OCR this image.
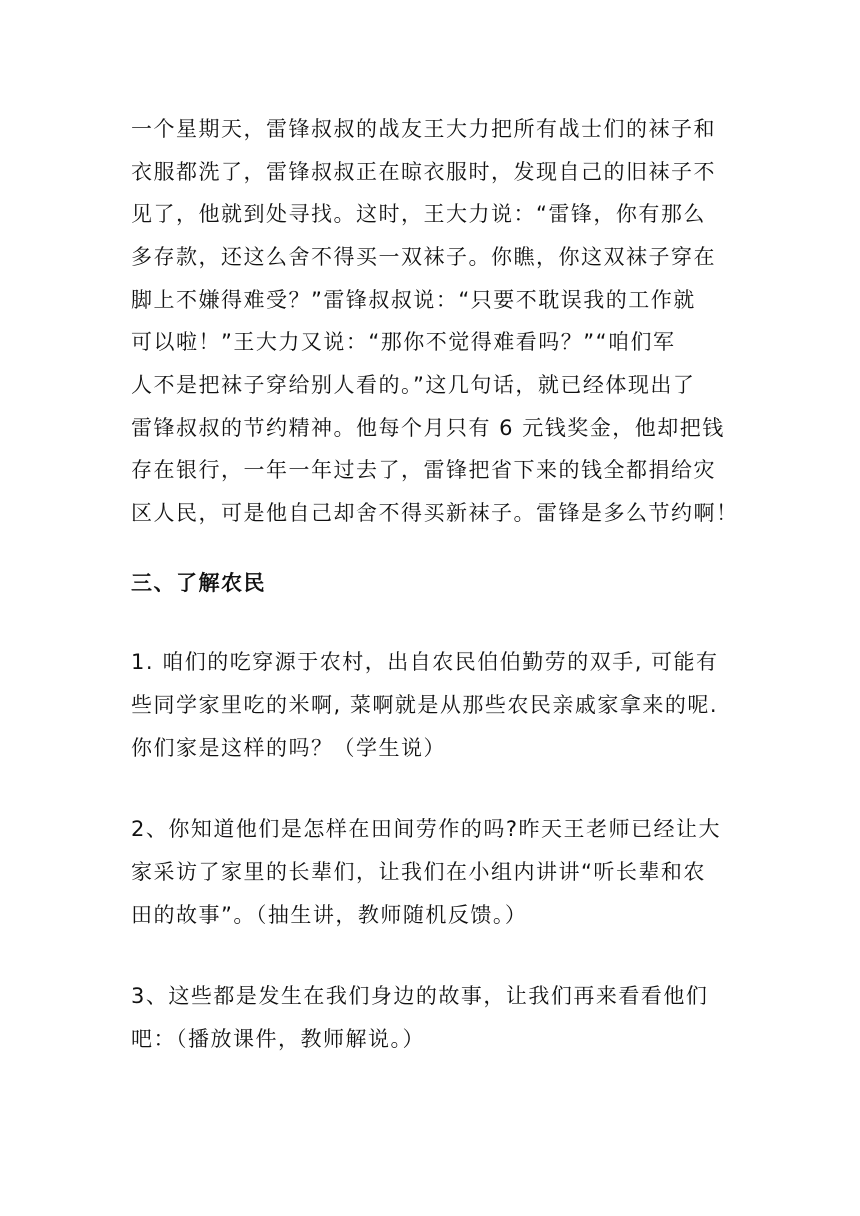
一个星期天，雷锋叔叔的战友王大力把所有战士们的袜子和
衣服都洗了，雷锋叔叔正在晾衣服时，发现自己的旧袜子不
见了，他就到处寻找。这时，王大力说：“雷锋，你有那么
多存款，还这么舍不得买一双袜子。你瞧，你这双袜子穿在
脚上不嫌得难受？”雷锋叔叔说：“只要不耽误我的工作就
可以啦！”王大力又说：“那你不觉得难看吗？”“咱们军
人不是把袜子穿给别人看的。”这几句话，就已经体现出了
雷锋叔叔的节约精神。他每个月只有 6 元钱奖金，他却把钱
存在银行，一年一年过去了，雷锋把省下来的钱全都捐给灾
区人民，可是他自己却舍不得买新袜子。雷锋是多么节约啊！
三、了解农民
1. 咱们的吃穿源于农村，出自农民伯伯勤劳的双手, 可能有
些同学家里吃的米啊, 菜啊就是从那些农民亲戚家拿来的呢.
你们家是这样的吗？（学生说）
2、你知道他们是怎样在田间劳作的吗?昨天王老师已经让大
家采访了家里的长辈们，让我们在小组内讲讲“听长辈和农
田的故事”。（抽生讲，教师随机反馈。）
3、这些都是发生在我们身边的故事，让我们再来看看他们
吧：（播放课件，教师解说。）
